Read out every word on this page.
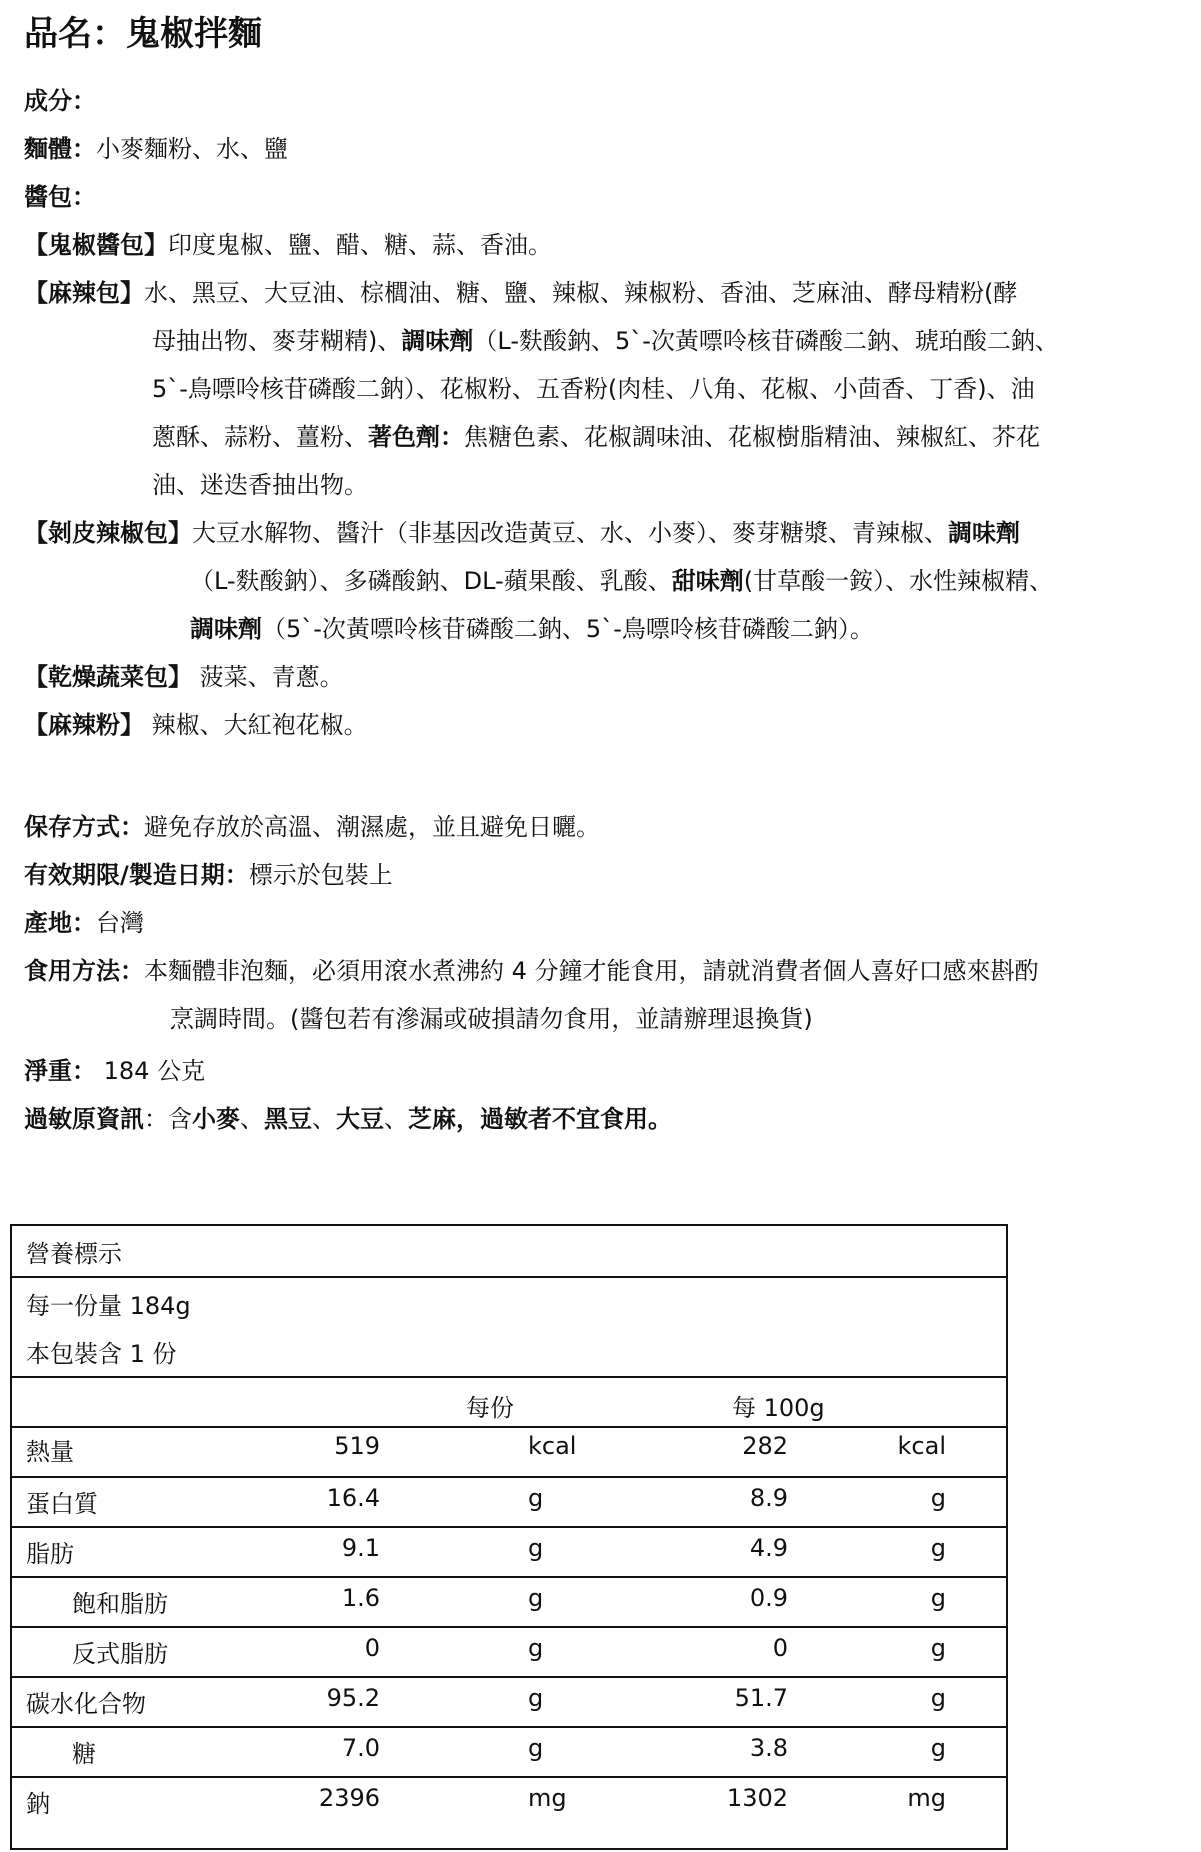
品名：鬼椒拌麵
成分：
麵體：小麥麵粉、水、鹽
醬包：
【鬼椒醬包】印度鬼椒、鹽、醋、糖、蒜、香油。
【麻辣包】水、黑豆、大豆油、棕櫚油、糖、鹽、辣椒、辣椒粉、香油、芝麻油、酵母精粉(酵
母抽出物、麥芽糊精)、調味劑（L-麩酸鈉、5`-次黃嘌呤核苷磷酸二鈉、琥珀酸二鈉、
5`-鳥嘌呤核苷磷酸二鈉）、花椒粉、五香粉(肉桂、八角、花椒、小茴香、丁香)、油
蔥酥、蒜粉、薑粉、著色劑：焦糖色素、花椒調味油、花椒樹脂精油、辣椒紅、芥花
油、迷迭香抽出物。
【剝皮辣椒包】大豆水解物、醬汁（非基因改造黃豆、水、小麥）、麥芽糖漿、青辣椒、調味劑
（L-麩酸鈉）、多磷酸鈉、DL-蘋果酸、乳酸、甜味劑(甘草酸一銨）、水性辣椒精、
調味劑（5`-次黃嘌呤核苷磷酸二鈉、5`-鳥嘌呤核苷磷酸二鈉）。
【乾燥蔬菜包】 菠菜、青蔥。
【麻辣粉】 辣椒、大紅袍花椒。
保存方式：避免存放於高溫、潮濕處，並且避免日曬。
有效期限/製造日期：標示於包裝上
產地：台灣
食用方法：本麵體非泡麵，必須用滾水煮沸約 4 分鐘才能食用，請就消費者個人喜好口感來斟酌
烹調時間。(醬包若有滲漏或破損請勿食用，並請辦理退換貨)
淨重： 184 公克
過敏原資訊：含小麥、黑豆、大豆、芝麻，過敏者不宜食用。
營養標示
每一份量 184g
本包裝含 1 份
每份	每 100g
熱量	519	kcal	282	kcal
蛋白質	16.4	g	8.9	g
脂肪	9.1	g	4.9	g
飽和脂肪	1.6	g	0.9	g
反式脂肪	0	g	0	g
碳水化合物	95.2	g	51.7	g
糖	7.0	g	3.8	g
鈉	2396	mg	1302	mg
